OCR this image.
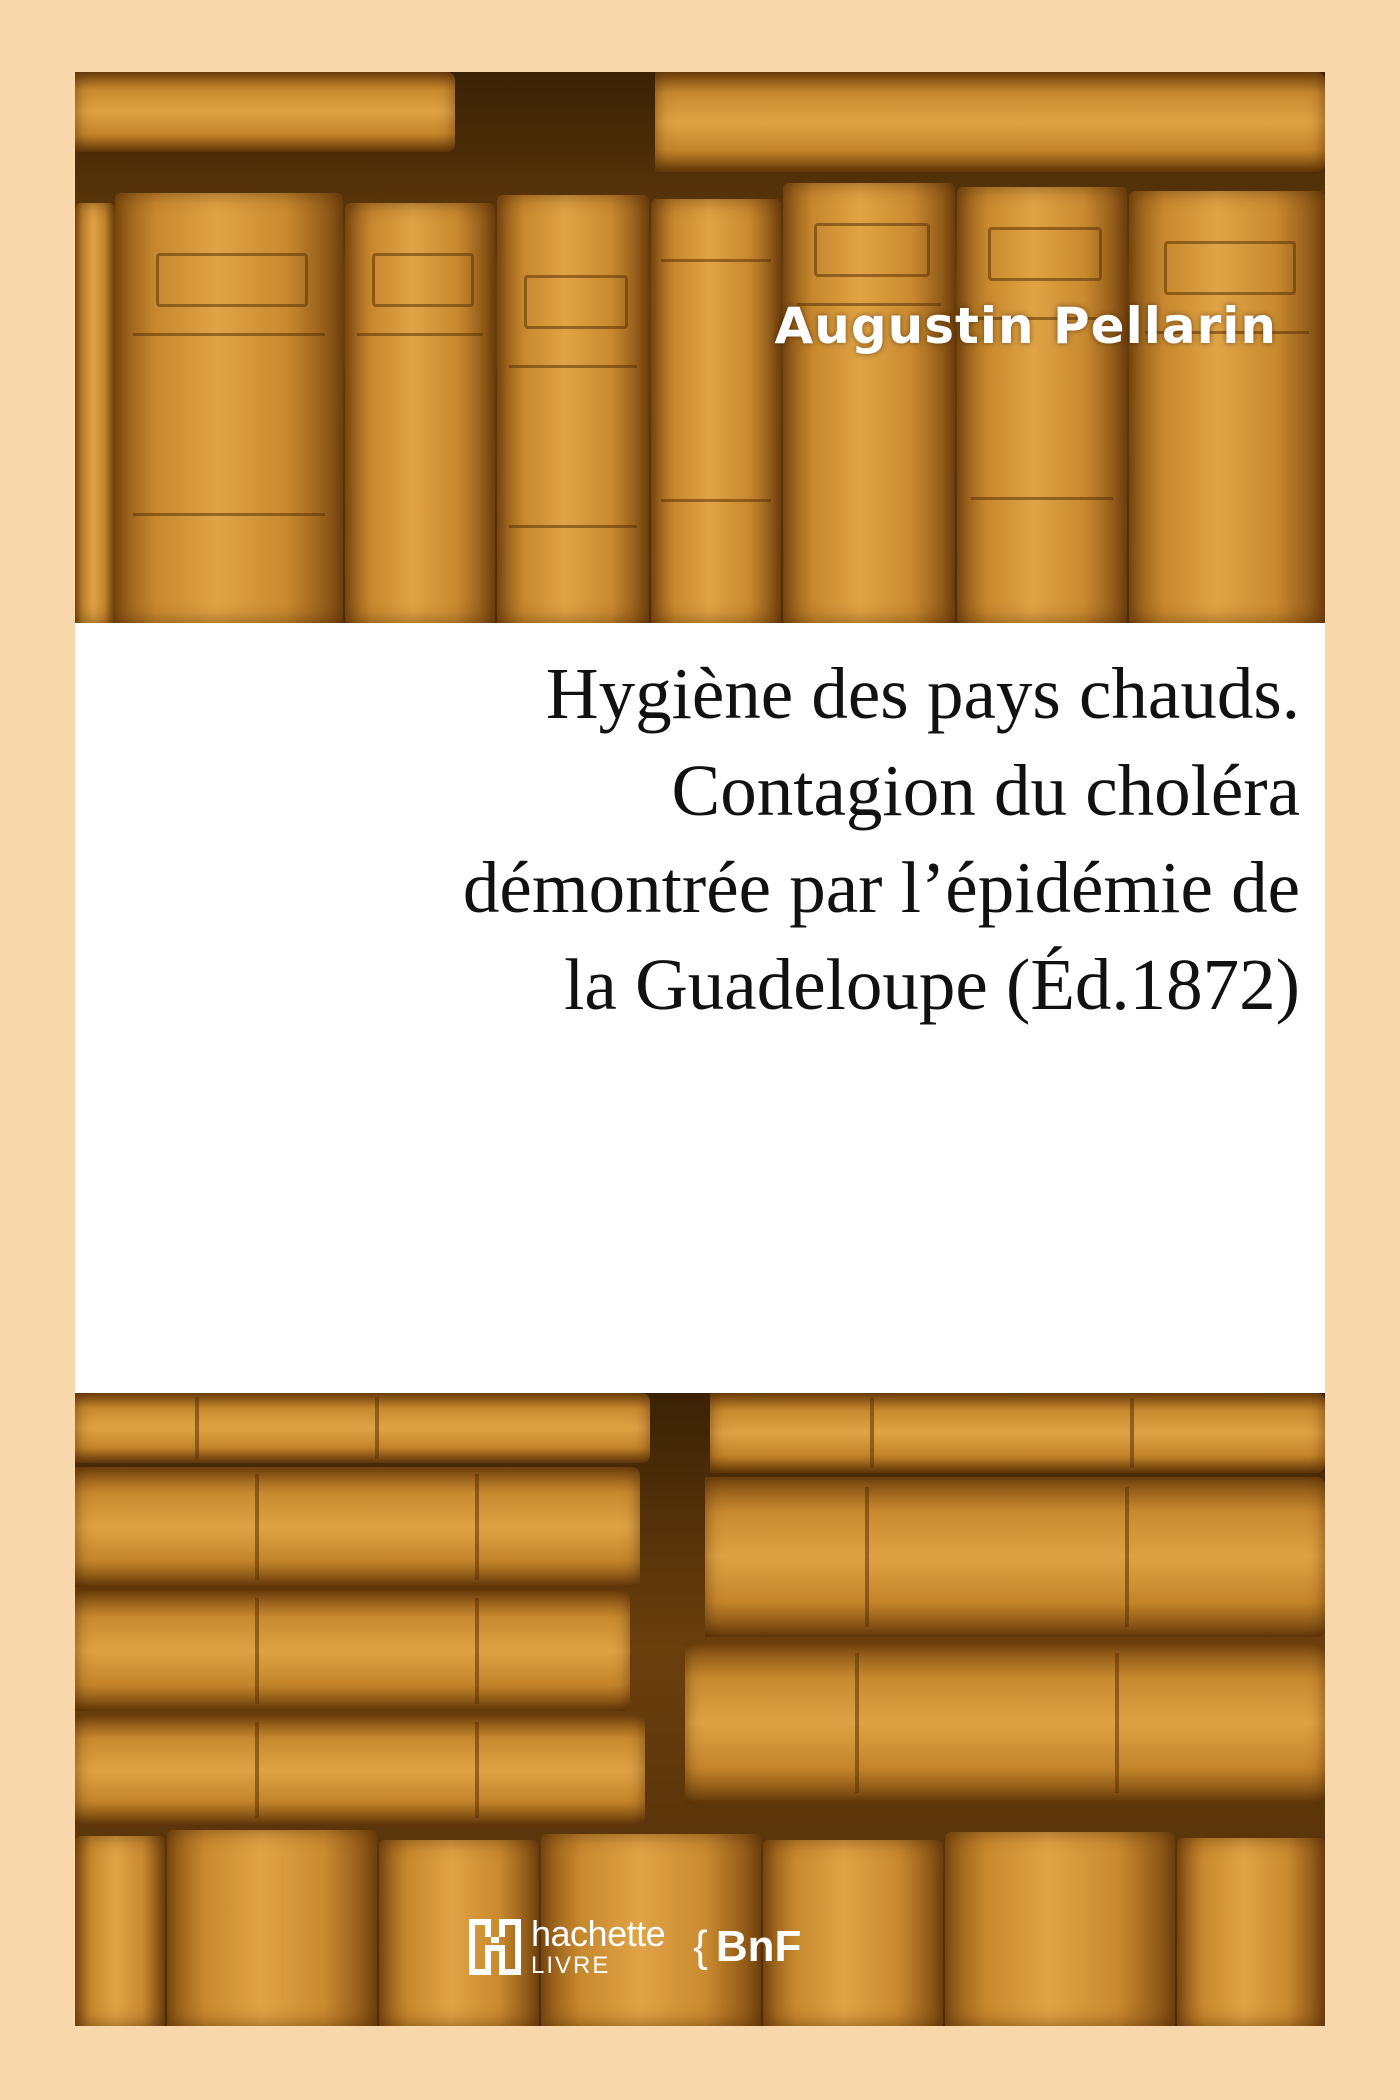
Augustin Pellarin
Hygiène des pays chauds.
Contagion du choléra
démontrée par l’épidémie de
la Guadeloupe (Éd.1872)
hachette
LIVRE	{ BnF
